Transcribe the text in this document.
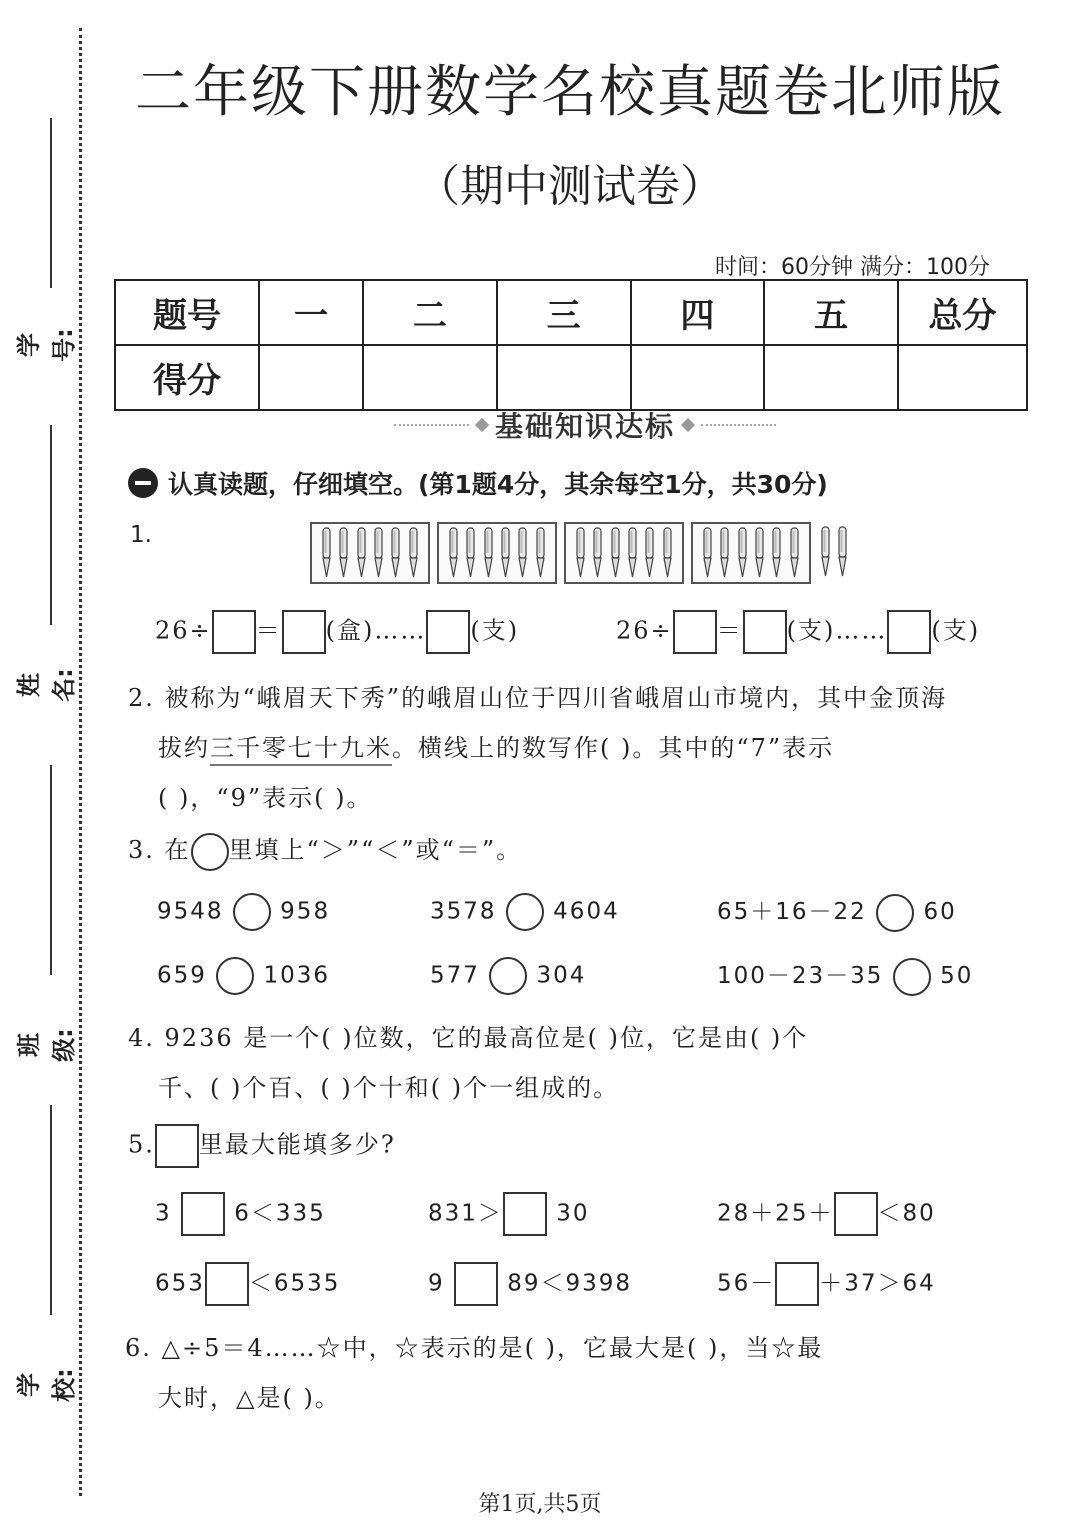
学号:
姓名:
班级:
学校:
二年级下册数学名校真题卷北师版
（期中测试卷）
时间：60分钟 满分：100分
题号	一	二	三	四	五	总分
得分						
基础知识达标
认真读题，仔细填空。(第1题4分，其余每空1分，共30分)
1.
26÷ ＝ (盒)…… (支)	26÷ ＝ (支)…… (支)
2. 被称为“峨眉天下秀”的峨眉山位于四川省峨眉山市境内，其中金顶海
拔约三千零七十九米。横线上的数写作( )。其中的“7”表示
( )，“9”表示( )。
3. 在 里填上“＞”“＜”或“＝”。
9548 958	3578 4604	65＋16－22 60
659 1036	577 304	100－23－35 50
4. 9236 是一个( )位数，它的最高位是( )位，它是由( )个
千、( )个百、( )个十和( )个一组成的。
5. 里最大能填多少?
3	6＜335	831＞ 30	28＋25＋ ＜80
653 ＜6535	9	89＜9398	56－ ＋37＞64
6. △÷5＝4……☆中，☆表示的是( )，它最大是( )，当☆最
大时，△是( )。
第1页,共5页
